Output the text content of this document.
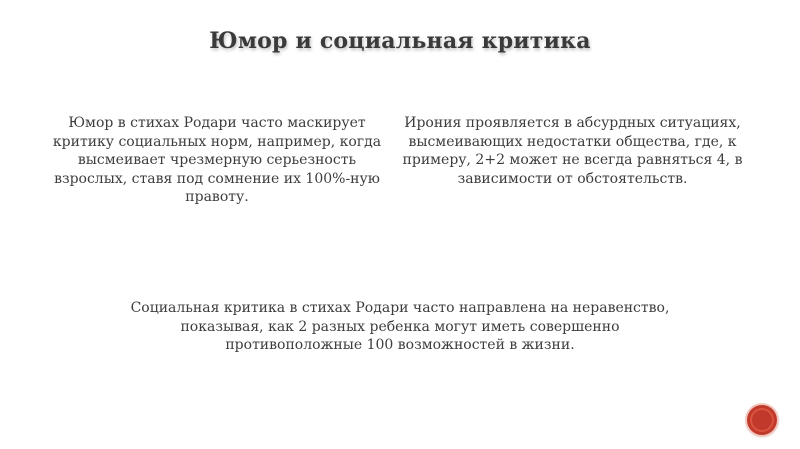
Юмор и социальная критика
Юмор в стихах Родари часто маскирует критику социальных норм, например, когда высмеивает чрезмерную серьезность взрослых, ставя под сомнение их 100%-ную правоту.
Ирония проявляется в абсурдных ситуациях, высмеивающих недостатки общества, где, к примеру, 2+2 может не всегда равняться 4, в зависимости от обстоятельств.
Социальная критика в стихах Родари часто направлена на неравенство, показывая, как 2 разных ребенка могут иметь совершенно противоположные 100 возможностей в жизни.
